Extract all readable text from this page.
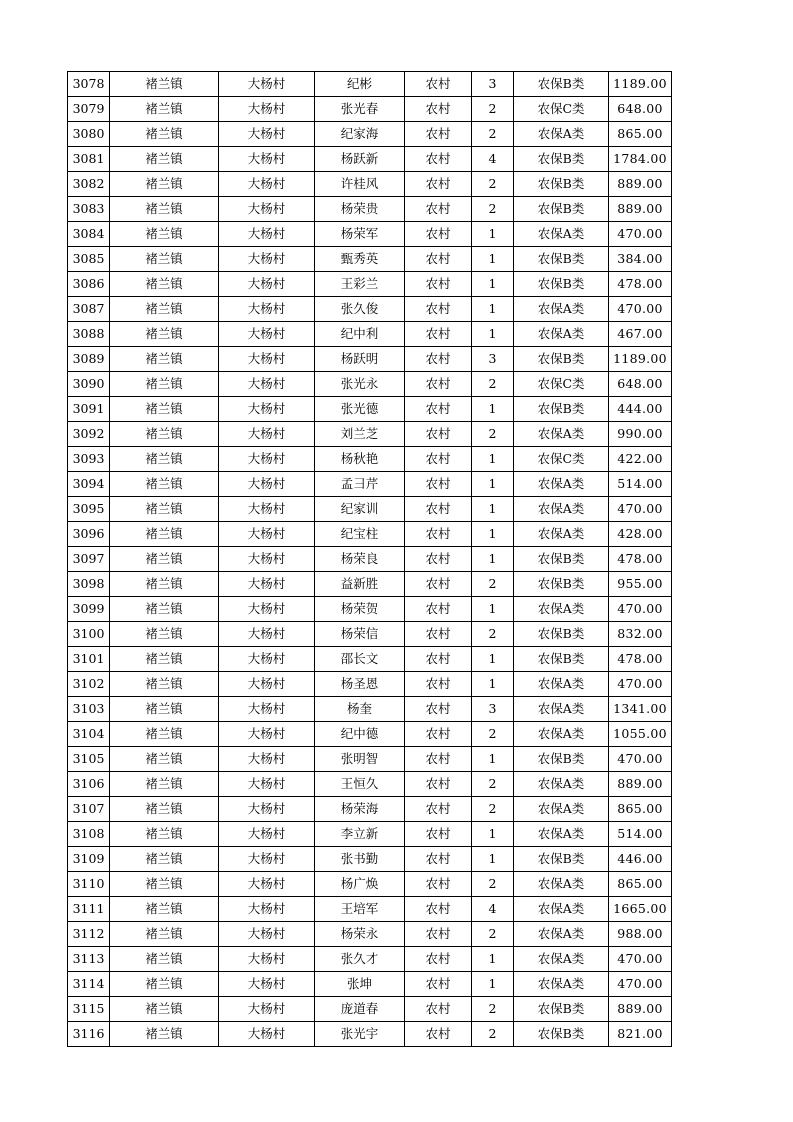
3078	褚兰镇	大杨村	纪彬	农村	3	农保B类	1189.00
3079	褚兰镇	大杨村	张光春	农村	2	农保C类	648.00
3080	褚兰镇	大杨村	纪家海	农村	2	农保A类	865.00
3081	褚兰镇	大杨村	杨跃新	农村	4	农保B类	1784.00
3082	褚兰镇	大杨村	许桂风	农村	2	农保B类	889.00
3083	褚兰镇	大杨村	杨荣贵	农村	2	农保B类	889.00
3084	褚兰镇	大杨村	杨荣军	农村	1	农保A类	470.00
3085	褚兰镇	大杨村	甄秀英	农村	1	农保B类	384.00
3086	褚兰镇	大杨村	王彩兰	农村	1	农保B类	478.00
3087	褚兰镇	大杨村	张久俊	农村	1	农保A类	470.00
3088	褚兰镇	大杨村	纪中利	农村	1	农保A类	467.00
3089	褚兰镇	大杨村	杨跃明	农村	3	农保B类	1189.00
3090	褚兰镇	大杨村	张光永	农村	2	农保C类	648.00
3091	褚兰镇	大杨村	张光德	农村	1	农保B类	444.00
3092	褚兰镇	大杨村	刘兰芝	农村	2	农保A类	990.00
3093	褚兰镇	大杨村	杨秋艳	农村	1	农保C类	422.00
3094	褚兰镇	大杨村	孟彐芹	农村	1	农保A类	514.00
3095	褚兰镇	大杨村	纪家训	农村	1	农保A类	470.00
3096	褚兰镇	大杨村	纪宝柱	农村	1	农保A类	428.00
3097	褚兰镇	大杨村	杨荣良	农村	1	农保B类	478.00
3098	褚兰镇	大杨村	益新胜	农村	2	农保B类	955.00
3099	褚兰镇	大杨村	杨荣贺	农村	1	农保A类	470.00
3100	褚兰镇	大杨村	杨荣信	农村	2	农保B类	832.00
3101	褚兰镇	大杨村	邵长文	农村	1	农保B类	478.00
3102	褚兰镇	大杨村	杨圣恩	农村	1	农保A类	470.00
3103	褚兰镇	大杨村	杨奎	农村	3	农保A类	1341.00
3104	褚兰镇	大杨村	纪中德	农村	2	农保A类	1055.00
3105	褚兰镇	大杨村	张明智	农村	1	农保B类	470.00
3106	褚兰镇	大杨村	王恒久	农村	2	农保A类	889.00
3107	褚兰镇	大杨村	杨荣海	农村	2	农保A类	865.00
3108	褚兰镇	大杨村	李立新	农村	1	农保A类	514.00
3109	褚兰镇	大杨村	张书勤	农村	1	农保B类	446.00
3110	褚兰镇	大杨村	杨广焕	农村	2	农保A类	865.00
3111	褚兰镇	大杨村	王培军	农村	4	农保A类	1665.00
3112	褚兰镇	大杨村	杨荣永	农村	2	农保A类	988.00
3113	褚兰镇	大杨村	张久才	农村	1	农保A类	470.00
3114	褚兰镇	大杨村	张坤	农村	1	农保A类	470.00
3115	褚兰镇	大杨村	庞道春	农村	2	农保B类	889.00
3116	褚兰镇	大杨村	张光宇	农村	2	农保B类	821.00
